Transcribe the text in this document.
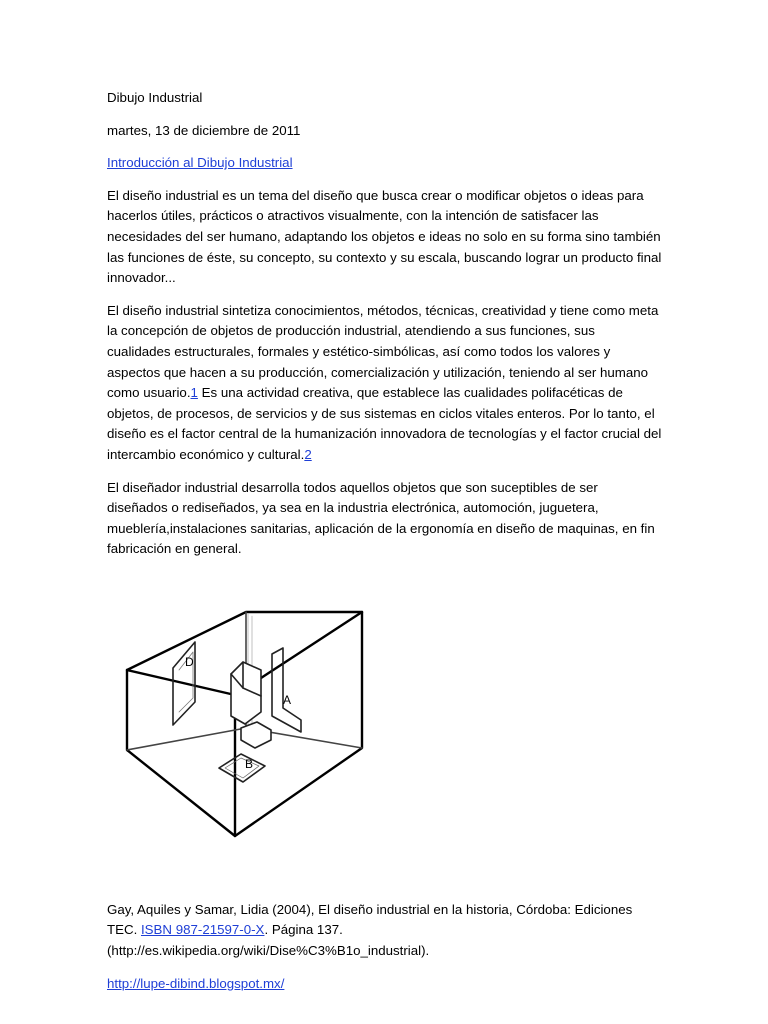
Dibujo Industrial

martes, 13 de diciembre de 2011

Introducción al Dibujo Industrial

El diseño industrial es un tema del diseño que busca crear o modificar objetos o ideas para hacerlos útiles, prácticos o atractivos visualmente, con la intención de satisfacer las necesidades del ser humano, adaptando los objetos e ideas no solo en su forma sino también las funciones de éste, su concepto, su contexto y su escala, buscando lograr un producto final innovador...

El diseño industrial sintetiza conocimientos, métodos, técnicas, creatividad y tiene como meta la concepción de objetos de producción industrial, atendiendo a sus funciones, sus cualidades estructurales, formales y estético-simbólicas, así como todos los valores y aspectos que hacen a su producción, comercialización y utilización, teniendo al ser humano como usuario.1 Es una actividad creativa, que establece las cualidades polifacéticas de objetos, de procesos, de servicios y de sus sistemas en ciclos vitales enteros. Por lo tanto, el diseño es el factor central de la humanización innovadora de tecnologías y el factor crucial del intercambio económico y cultural.2

El diseñador industrial desarrolla todos aquellos objetos que son suceptibles de ser diseñados o rediseñados, ya sea en la industria electrónica, automoción, juguetera, mueblería,instalaciones sanitarias, aplicación de la ergonomía en diseño de maquinas, en fin fabricación en general.

D
A
B

Gay, Aquiles y Samar, Lidia (2004), El diseño industrial en la historia, Córdoba: Ediciones TEC. ISBN 987-21597-0-X. Página 137. (http://es.wikipedia.org/wiki/Dise%C3%B1o_industrial).

http://lupe-dibind.blogspot.mx/
